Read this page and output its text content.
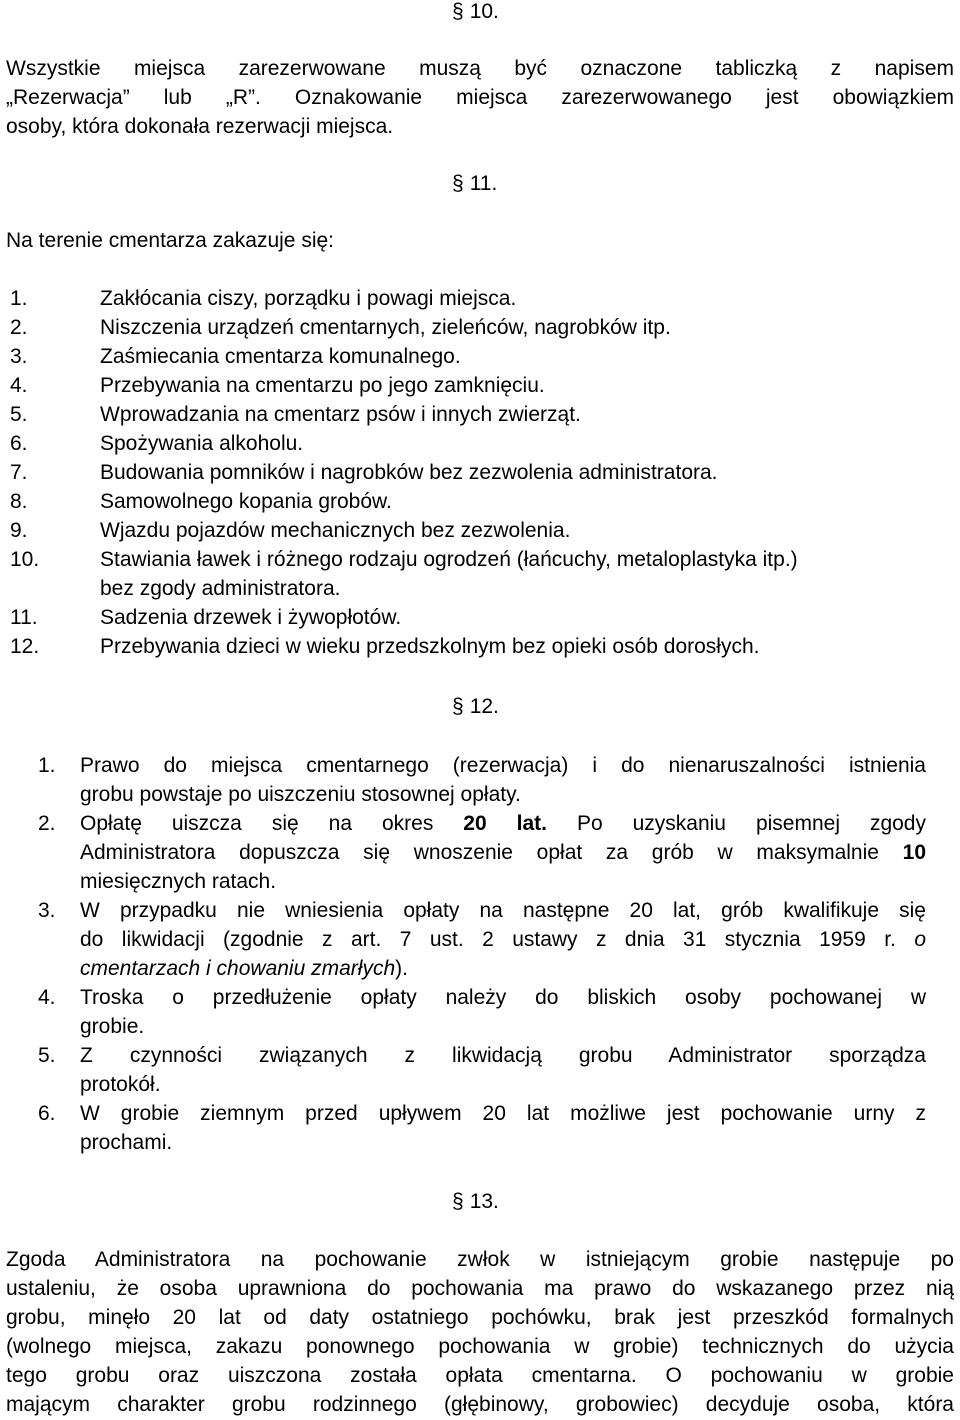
§ 10.
Wszystkie miejsca zarezerwowane muszą być oznaczone tabliczką z napisem
„Rezerwacja” lub „R”. Oznakowanie miejsca zarezerwowanego jest obowiązkiem
osoby, która dokonała rezerwacji miejsca.
§ 11.
Na terenie cmentarza zakazuje się:
1.	Zakłócania ciszy, porządku i powagi miejsca.
2.	Niszczenia urządzeń cmentarnych, zieleńców, nagrobków itp.
3.	Zaśmiecania cmentarza komunalnego.
4.	Przebywania na cmentarzu po jego zamknięciu.
5.	Wprowadzania na cmentarz psów i innych zwierząt.
6.	Spożywania alkoholu.
7.	Budowania pomników i nagrobków bez zezwolenia administratora.
8.	Samowolnego kopania grobów.
9.	Wjazdu pojazdów mechanicznych bez zezwolenia.
10.	Stawiania ławek i różnego rodzaju ogrodzeń (łańcuchy, metaloplastyka itp.)
bez zgody administratora.
11.	Sadzenia drzewek i żywopłotów.
12.	Przebywania dzieci w wieku przedszkolnym bez opieki osób dorosłych.
§ 12.
1. Prawo do miejsca cmentarnego (rezerwacja) i do nienaruszalności istnienia
grobu powstaje po uiszczeniu stosownej opłaty.
2. Opłatę uiszcza się na okres 20 lat. Po uzyskaniu pisemnej zgody
Administratora dopuszcza się wnoszenie opłat za grób w maksymalnie 10
miesięcznych ratach.
3. W przypadku nie wniesienia opłaty na następne 20 lat, grób kwalifikuje się
do likwidacji (zgodnie z art. 7 ust. 2 ustawy z dnia 31 stycznia 1959 r. o
cmentarzach i chowaniu zmarłych).
4. Troska o przedłużenie opłaty należy do bliskich osoby pochowanej w
grobie.
5. Z czynności związanych z likwidacją grobu Administrator sporządza
protokół.
6. W grobie ziemnym przed upływem 20 lat możliwe jest pochowanie urny z
prochami.
§ 13.
Zgoda Administratora na pochowanie zwłok w istniejącym grobie następuje po
ustaleniu, że osoba uprawniona do pochowania ma prawo do wskazanego przez nią
grobu, minęło 20 lat od daty ostatniego pochówku, brak jest przeszkód formalnych
(wolnego miejsca, zakazu ponownego pochowania w grobie) technicznych do użycia
tego grobu oraz uiszczona została opłata cmentarna. O pochowaniu w grobie
mającym charakter grobu rodzinnego (głębinowy, grobowiec) decyduje osoba, która
